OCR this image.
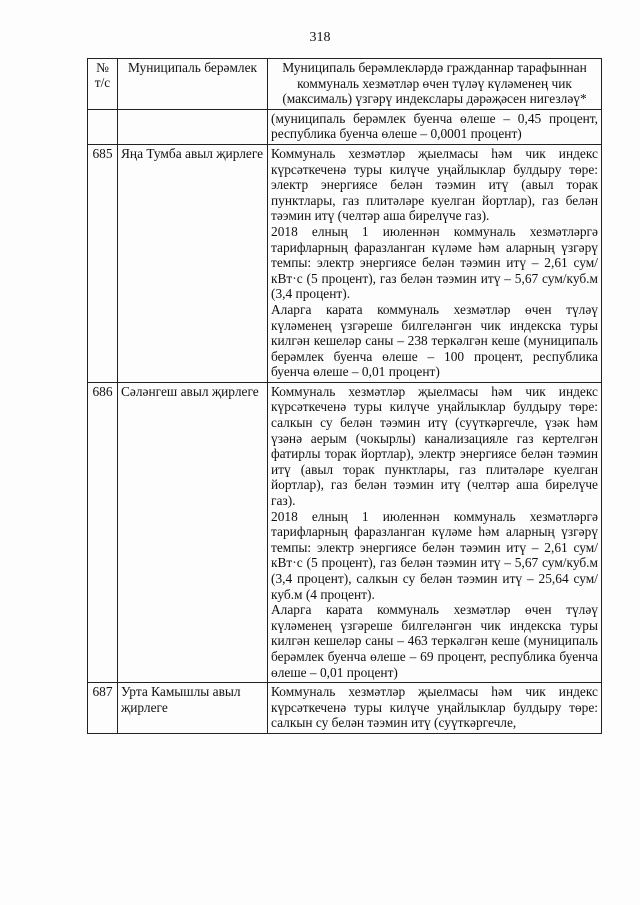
318
№ т/с	Муниципаль берәмлек	Муниципаль берәмлекләрдә гражданнар тарафыннан коммуналь хезмәтләр өчен түләү күләменең чик (максималь) үзгәрү индекслары дәрәҗәсен нигезләү*

		(муниципаль берәмлек буенча өлеше – 0,45 процент, республика буенча өлеше – 0,0001 процент)

685	Яңа Тумба авыл җирлеге	Коммуналь хезмәтләр җыелмасы һәм чик индекс күрсәткеченә туры килүче уңайлыклар булдыру төре: электр энергиясе белән тәэмин итү (авыл торак пунктлары, газ плитәләре куелган йортлар), газ белән тәэмин итү (челтәр аша бирелүче газ).

2018 елның 1 июленнән коммуналь хезмәтләргә тарифларның фаразланган күләме һәм аларның үзгәрү темпы: электр энергиясе белән тәэмин итү – 2,61 сум/кВт·с (5 процент), газ белән тәэмин итү – 5,67 сум/куб.м (3,4 процент).

Аларга карата коммуналь хезмәтләр өчен түләү күләменең үзгәреше билгеләнгән чик индекска туры килгән кешеләр саны – 238 теркәлгән кеше (муниципаль берәмлек буенча өлеше – 100 процент, республика буенча өлеше – 0,01 процент)

686	Сәләнгеш авыл җирлеге	Коммуналь хезмәтләр җыелмасы һәм чик индекс күрсәткеченә туры килүче уңайлыклар булдыру төре: салкын су белән тәэмин итү (суүткәргечле, үзәк һәм үзәнә аерым (чокырлы) канализацияле газ кертелгән фатирлы торак йортлар), электр энергиясе белән тәэмин итү (авыл торак пунктлары, газ плитәләре куелган йортлар), газ белән тәэмин итү (челтәр аша бирелүче газ).

2018 елның 1 июленнән коммуналь хезмәтләргә тарифларның фаразланган күләме һәм аларның үзгәрү темпы: электр энергиясе белән тәэмин итү – 2,61 сум/кВт·с (5 процент), газ белән тәэмин итү – 5,67 сум/куб.м (3,4 процент), салкын су белән тәэмин итү – 25,64 сум/куб.м (4 процент).

Аларга карата коммуналь хезмәтләр өчен түләү күләменең үзгәреше билгеләнгән чик индекска туры килгән кешеләр саны – 463 теркәлгән кеше (муниципаль берәмлек буенча өлеше – 69 процент, республика буенча өлеше – 0,01 процент)

687	Урта Камышлы авыл җирлеге	Коммуналь хезмәтләр җыелмасы һәм чик индекс күрсәткеченә туры килүче уңайлыклар булдыру төре: салкын су белән тәэмин итү (суүткәргечле,
